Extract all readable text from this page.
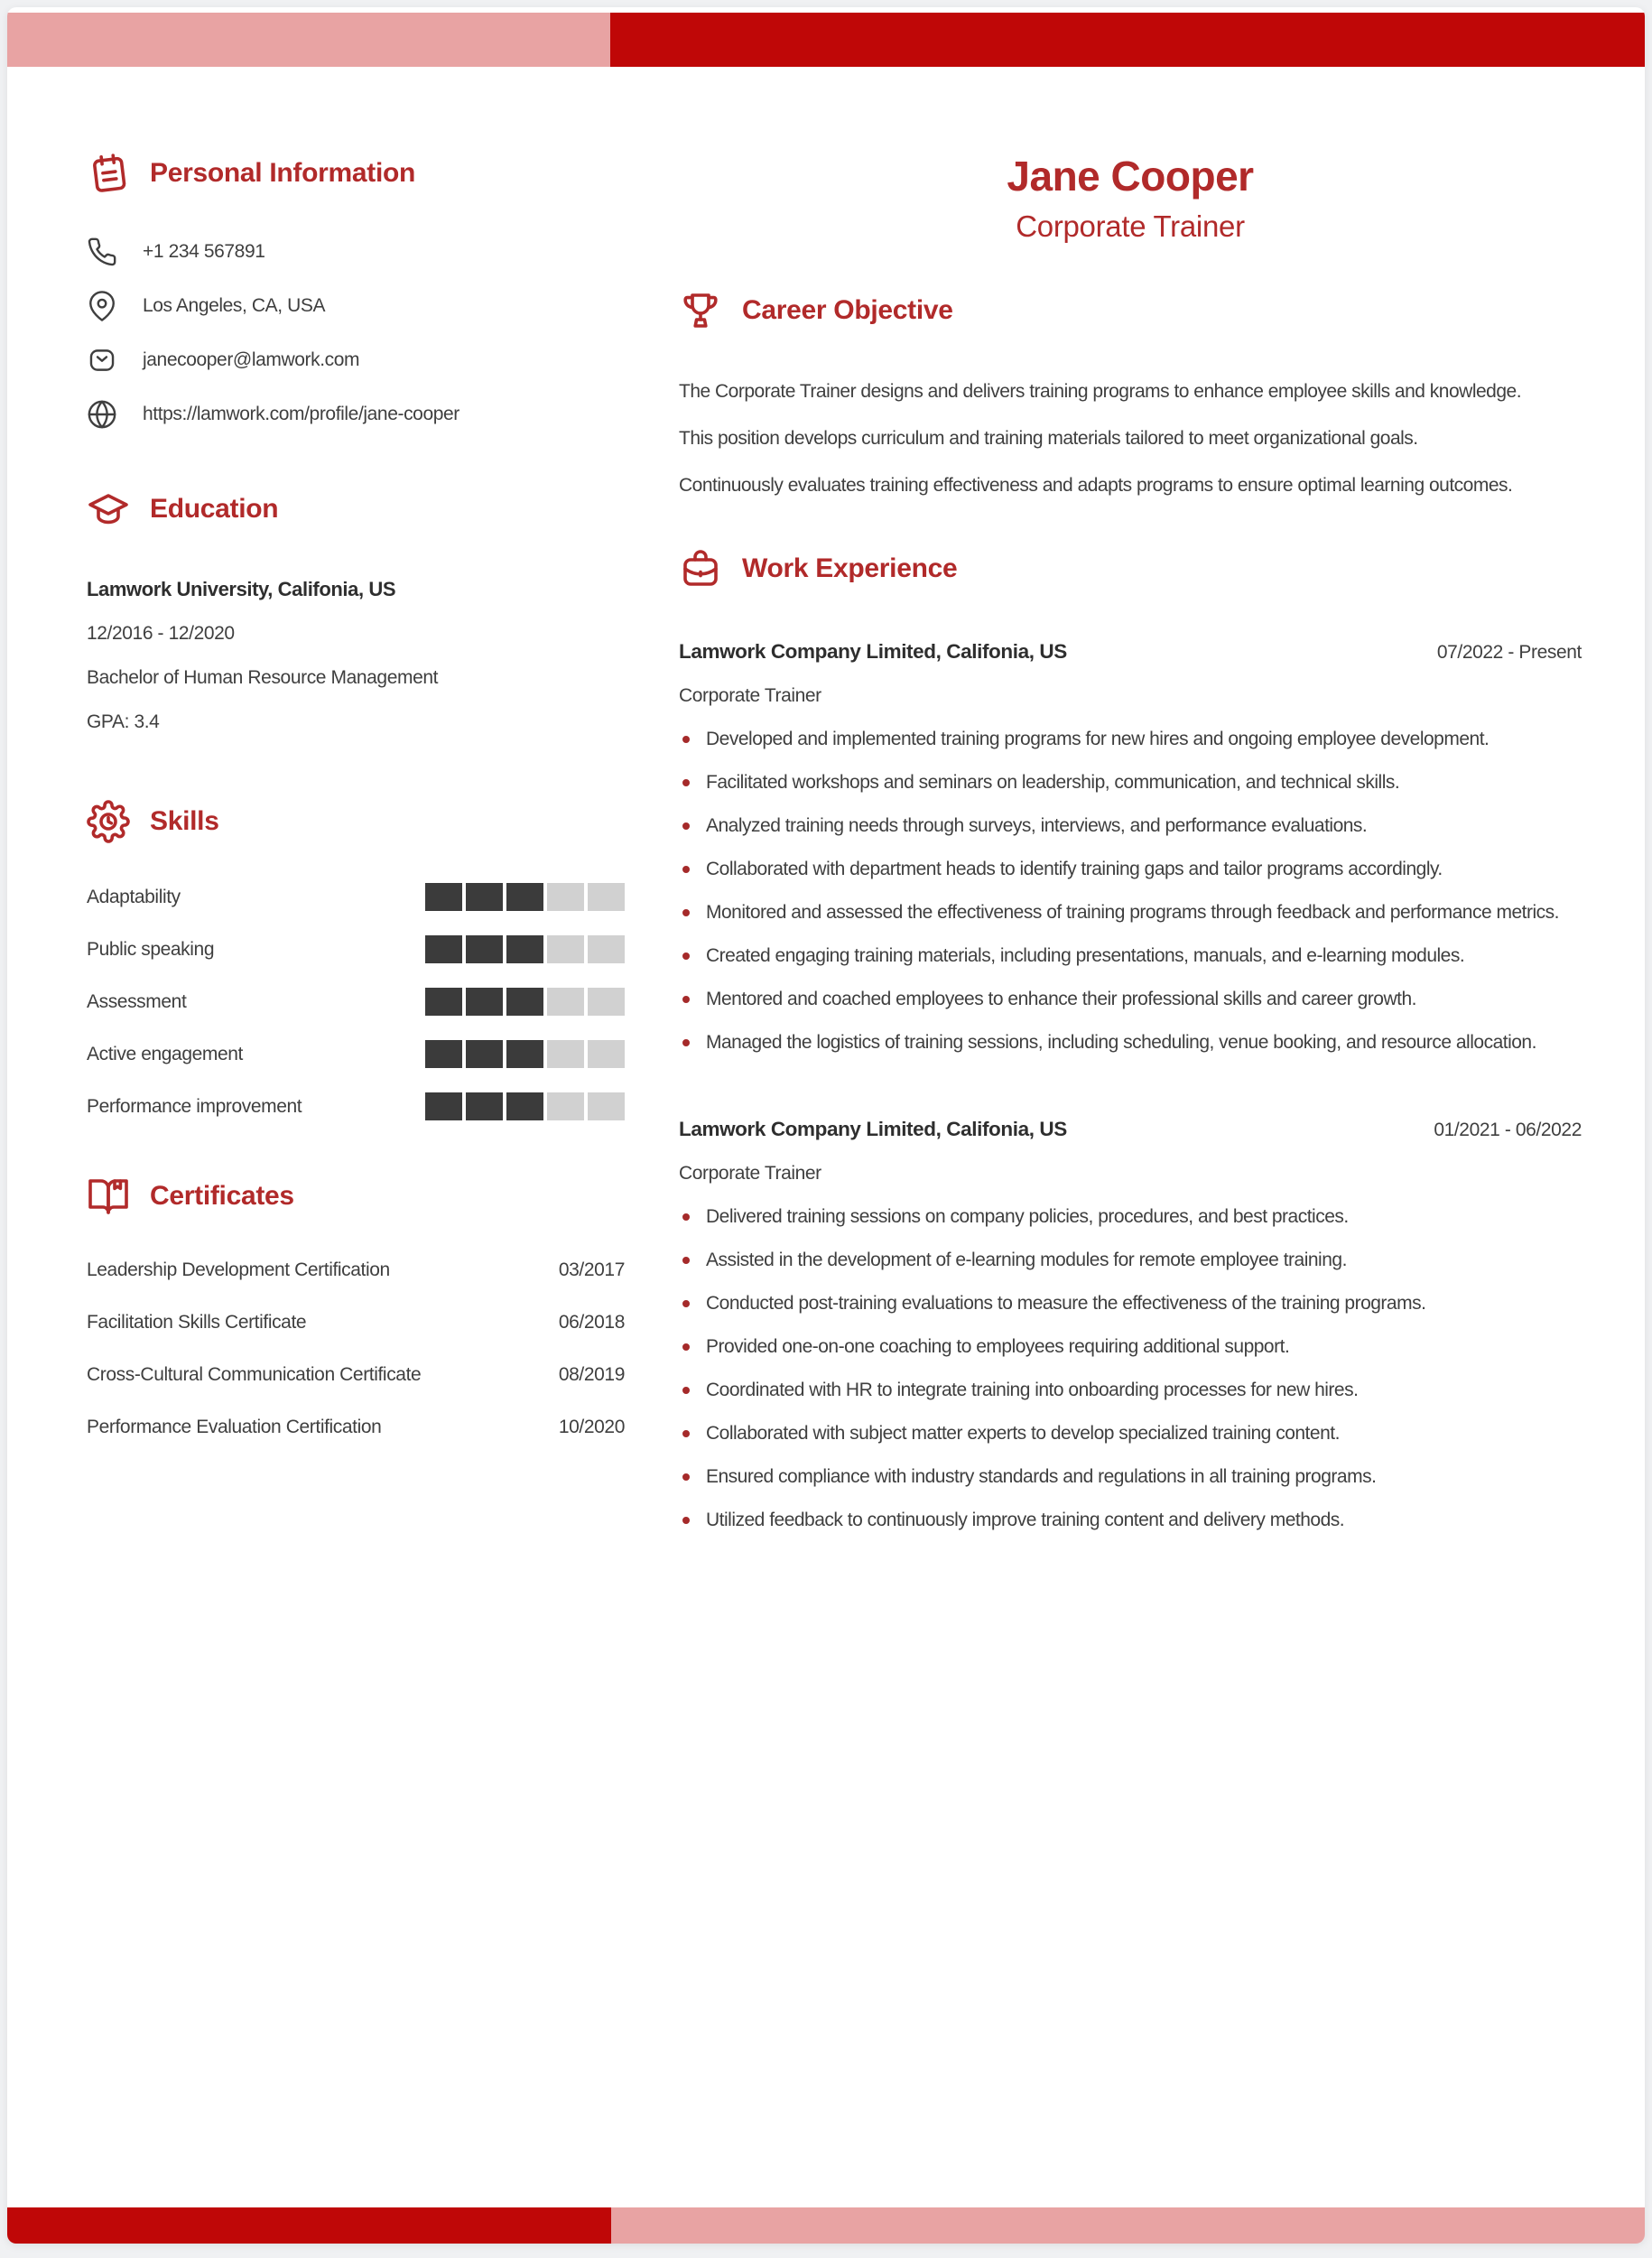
Personal Information
+1 234 567891
Los Angeles, CA, USA
janecooper@lamwork.com
https://lamwork.com/profile/jane-cooper
Education
Lamwork University, Califonia, US
12/2016 - 12/2020
Bachelor of Human Resource Management
GPA: 3.4
Skills
Adaptability
Public speaking
Assessment
Active engagement
Performance improvement
Certificates
Leadership Development Certification	03/2017
Facilitation Skills Certificate	06/2018
Cross-Cultural Communication Certificate	08/2019
Performance Evaluation Certification	10/2020
Jane Cooper
Corporate Trainer
Career Objective
The Corporate Trainer designs and delivers training programs to enhance employee skills and knowledge.
This position develops curriculum and training materials tailored to meet organizational goals.
Continuously evaluates training effectiveness and adapts programs to ensure optimal learning outcomes.
Work Experience
Lamwork Company Limited, Califonia, US	07/2022 - Present
Corporate Trainer
Developed and implemented training programs for new hires and ongoing employee development.
Facilitated workshops and seminars on leadership, communication, and technical skills.
Analyzed training needs through surveys, interviews, and performance evaluations.
Collaborated with department heads to identify training gaps and tailor programs accordingly.
Monitored and assessed the effectiveness of training programs through feedback and performance metrics.
Created engaging training materials, including presentations, manuals, and e-learning modules.
Mentored and coached employees to enhance their professional skills and career growth.
Managed the logistics of training sessions, including scheduling, venue booking, and resource allocation.
Lamwork Company Limited, Califonia, US	01/2021 - 06/2022
Corporate Trainer
Delivered training sessions on company policies, procedures, and best practices.
Assisted in the development of e-learning modules for remote employee training.
Conducted post-training evaluations to measure the effectiveness of the training programs.
Provided one-on-one coaching to employees requiring additional support.
Coordinated with HR to integrate training into onboarding processes for new hires.
Collaborated with subject matter experts to develop specialized training content.
Ensured compliance with industry standards and regulations in all training programs.
Utilized feedback to continuously improve training content and delivery methods.
